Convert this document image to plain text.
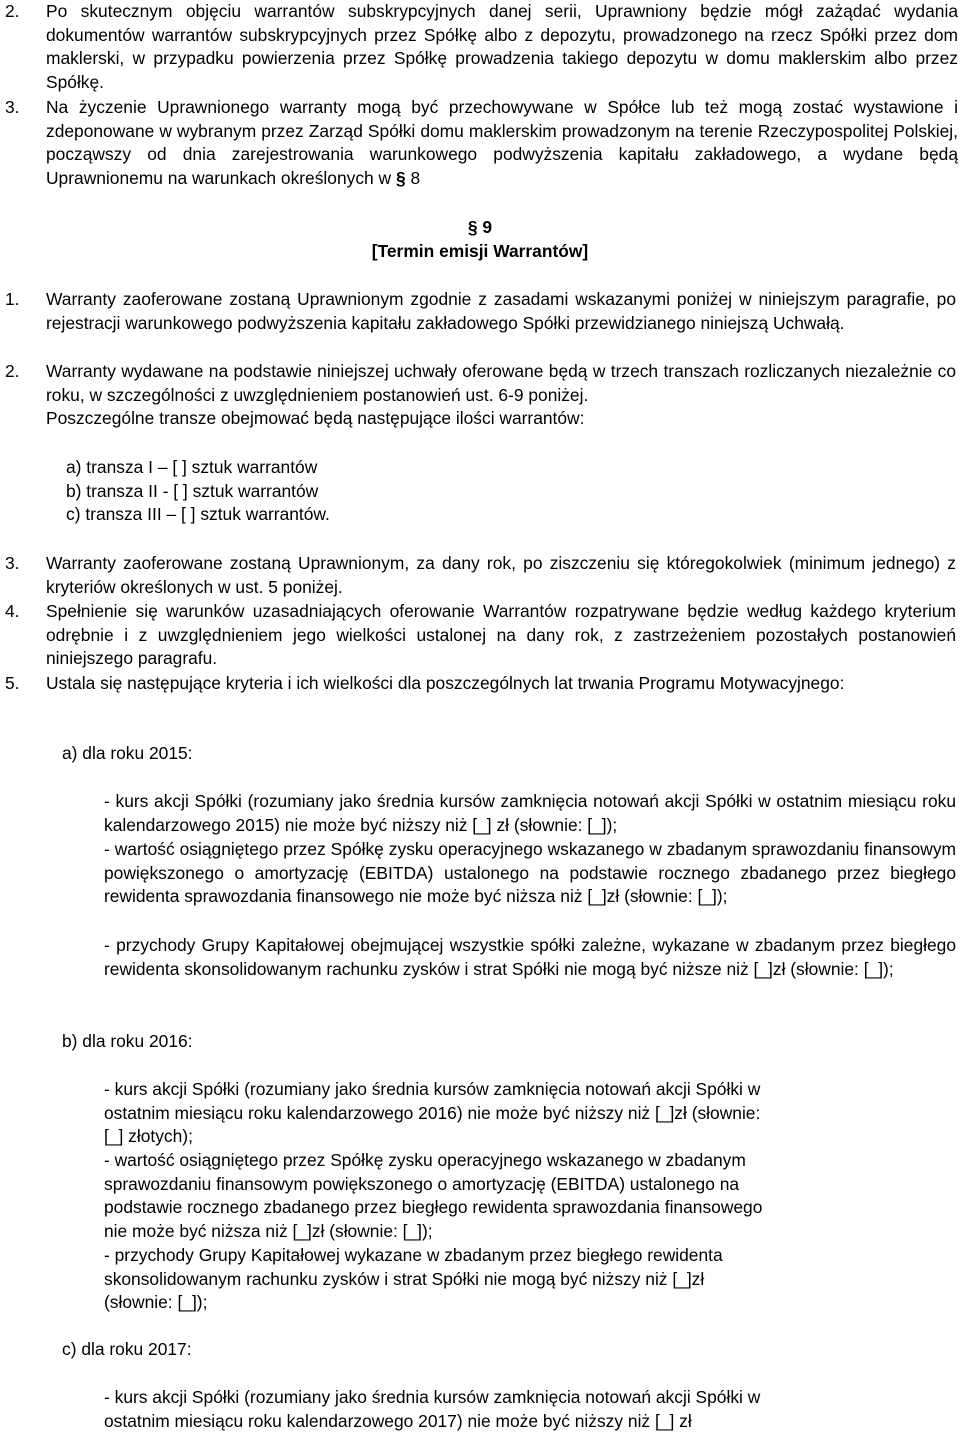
2. Po skutecznym objęciu warrantów subskrypcyjnych danej serii, Uprawniony będzie mógł zażądać wydania dokumentów warrantów subskrypcyjnych przez Spółkę albo z depozytu, prowadzonego na rzecz Spółki przez dom maklerski, w przypadku powierzenia przez Spółkę prowadzenia takiego depozytu w domu maklerskim albo przez Spółkę.
3. Na życzenie Uprawnionego warranty mogą być przechowywane w Spółce lub też mogą zostać wystawione i zdeponowane w wybranym przez Zarząd Spółki domu maklerskim prowadzonym na terenie Rzeczypospolitej Polskiej, począwszy od dnia zarejestrowania warunkowego podwyższenia kapitału zakładowego, a wydane będą Uprawnionemu na warunkach określonych w § 8
§ 9
[Termin emisji Warrantów]
1. Warranty zaoferowane zostaną Uprawnionym zgodnie z zasadami wskazanymi poniżej w niniejszym paragrafie, po rejestracji warunkowego podwyższenia kapitału zakładowego Spółki przewidzianego niniejszą Uchwałą.
2. Warranty wydawane na podstawie niniejszej uchwały oferowane będą w trzech transzach rozliczanych niezależnie co roku, w szczególności z uwzględnieniem postanowień ust. 6-9 poniżej.
Poszczególne transze obejmować będą następujące ilości warrantów:
a) transza I – [ ] sztuk warrantów
b) transza II - [ ] sztuk warrantów
c) transza III – [ ] sztuk warrantów.
3. Warranty zaoferowane zostaną Uprawnionym, za dany rok, po ziszczeniu się któregokolwiek (minimum jednego) z kryteriów określonych w ust. 5 poniżej.
4. Spełnienie się warunków uzasadniających oferowanie Warrantów rozpatrywane będzie według każdego kryterium odrębnie i z uwzględnieniem jego wielkości ustalonej na dany rok, z zastrzeżeniem pozostałych postanowień niniejszego paragrafu.
5. Ustala się następujące kryteria i ich wielkości dla poszczególnych lat trwania Programu Motywacyjnego:
a) dla roku 2015:
- kurs akcji Spółki (rozumiany jako średnia kursów zamknięcia notowań akcji Spółki w ostatnim miesiącu roku kalendarzowego 2015) nie może być niższy niż [_] zł (słownie: [_]);
- wartość osiągniętego przez Spółkę zysku operacyjnego wskazanego w zbadanym sprawozdaniu finansowym powiększonego o amortyzację (EBITDA) ustalonego na podstawie rocznego zbadanego przez biegłego rewidenta sprawozdania finansowego nie może być niższa niż [_]zł (słownie: [_]);
- przychody Grupy Kapitałowej obejmującej wszystkie spółki zależne, wykazane w zbadanym przez biegłego rewidenta skonsolidowanym rachunku zysków i strat Spółki nie mogą być niższe niż [_]zł (słownie: [_]);
b) dla roku 2016:
- kurs akcji Spółki (rozumiany jako średnia kursów zamknięcia notowań akcji Spółki w
ostatnim miesiącu roku kalendarzowego 2016) nie może być niższy niż [_]zł (słownie:
[_] złotych);
- wartość osiągniętego przez Spółkę zysku operacyjnego wskazanego w zbadanym
sprawozdaniu finansowym powiększonego o amortyzację (EBITDA) ustalonego na
podstawie rocznego zbadanego przez biegłego rewidenta sprawozdania finansowego
nie może być niższa niż [_]zł (słownie: [_]);
- przychody Grupy Kapitałowej wykazane w zbadanym przez biegłego rewidenta
skonsolidowanym rachunku zysków i strat Spółki nie mogą być niższy niż [_]zł
(słownie: [_]);
c) dla roku 2017:
- kurs akcji Spółki (rozumiany jako średnia kursów zamknięcia notowań akcji Spółki w
ostatnim miesiącu roku kalendarzowego 2017) nie może być niższy niż [_] zł
